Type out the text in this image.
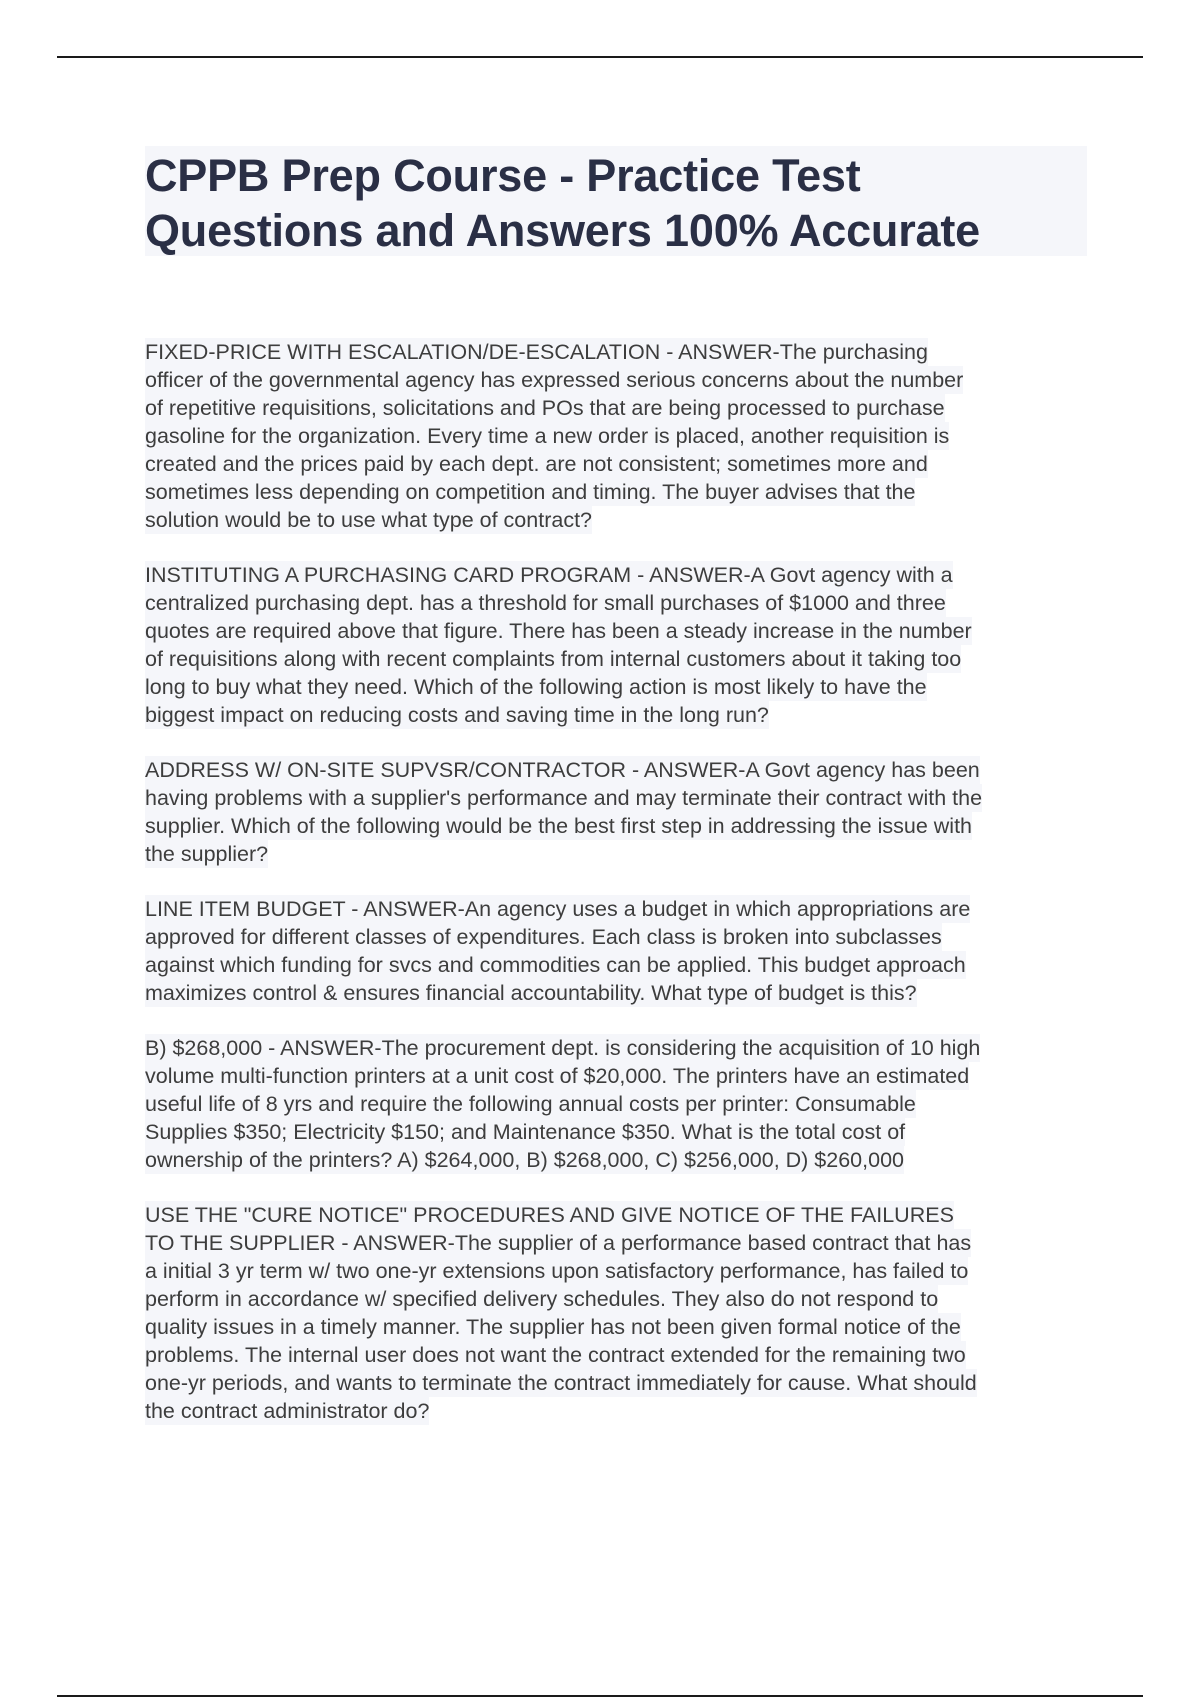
CPPB Prep Course - Practice Test
Questions and Answers 100% Accurate

FIXED-PRICE WITH ESCALATION/DE-ESCALATION - ANSWER-The purchasing
officer of the governmental agency has expressed serious concerns about the number
of repetitive requisitions, solicitations and POs that are being processed to purchase
gasoline for the organization. Every time a new order is placed, another requisition is
created and the prices paid by each dept. are not consistent; sometimes more and
sometimes less depending on competition and timing. The buyer advises that the
solution would be to use what type of contract?

INSTITUTING A PURCHASING CARD PROGRAM - ANSWER-A Govt agency with a
centralized purchasing dept. has a threshold for small purchases of $1000 and three
quotes are required above that figure. There has been a steady increase in the number
of requisitions along with recent complaints from internal customers about it taking too
long to buy what they need. Which of the following action is most likely to have the
biggest impact on reducing costs and saving time in the long run?

ADDRESS W/ ON-SITE SUPVSR/CONTRACTOR - ANSWER-A Govt agency has been
having problems with a supplier's performance and may terminate their contract with the
supplier. Which of the following would be the best first step in addressing the issue with
the supplier?

LINE ITEM BUDGET - ANSWER-An agency uses a budget in which appropriations are
approved for different classes of expenditures. Each class is broken into subclasses
against which funding for svcs and commodities can be applied. This budget approach
maximizes control & ensures financial accountability. What type of budget is this?

B) $268,000 - ANSWER-The procurement dept. is considering the acquisition of 10 high
volume multi-function printers at a unit cost of $20,000. The printers have an estimated
useful life of 8 yrs and require the following annual costs per printer: Consumable
Supplies $350; Electricity $150; and Maintenance $350. What is the total cost of
ownership of the printers? A) $264,000, B) $268,000, C) $256,000, D) $260,000

USE THE "CURE NOTICE" PROCEDURES AND GIVE NOTICE OF THE FAILURES
TO THE SUPPLIER - ANSWER-The supplier of a performance based contract that has
a initial 3 yr term w/ two one-yr extensions upon satisfactory performance, has failed to
perform in accordance w/ specified delivery schedules. They also do not respond to
quality issues in a timely manner. The supplier has not been given formal notice of the
problems. The internal user does not want the contract extended for the remaining two
one-yr periods, and wants to terminate the contract immediately for cause. What should
the contract administrator do?
